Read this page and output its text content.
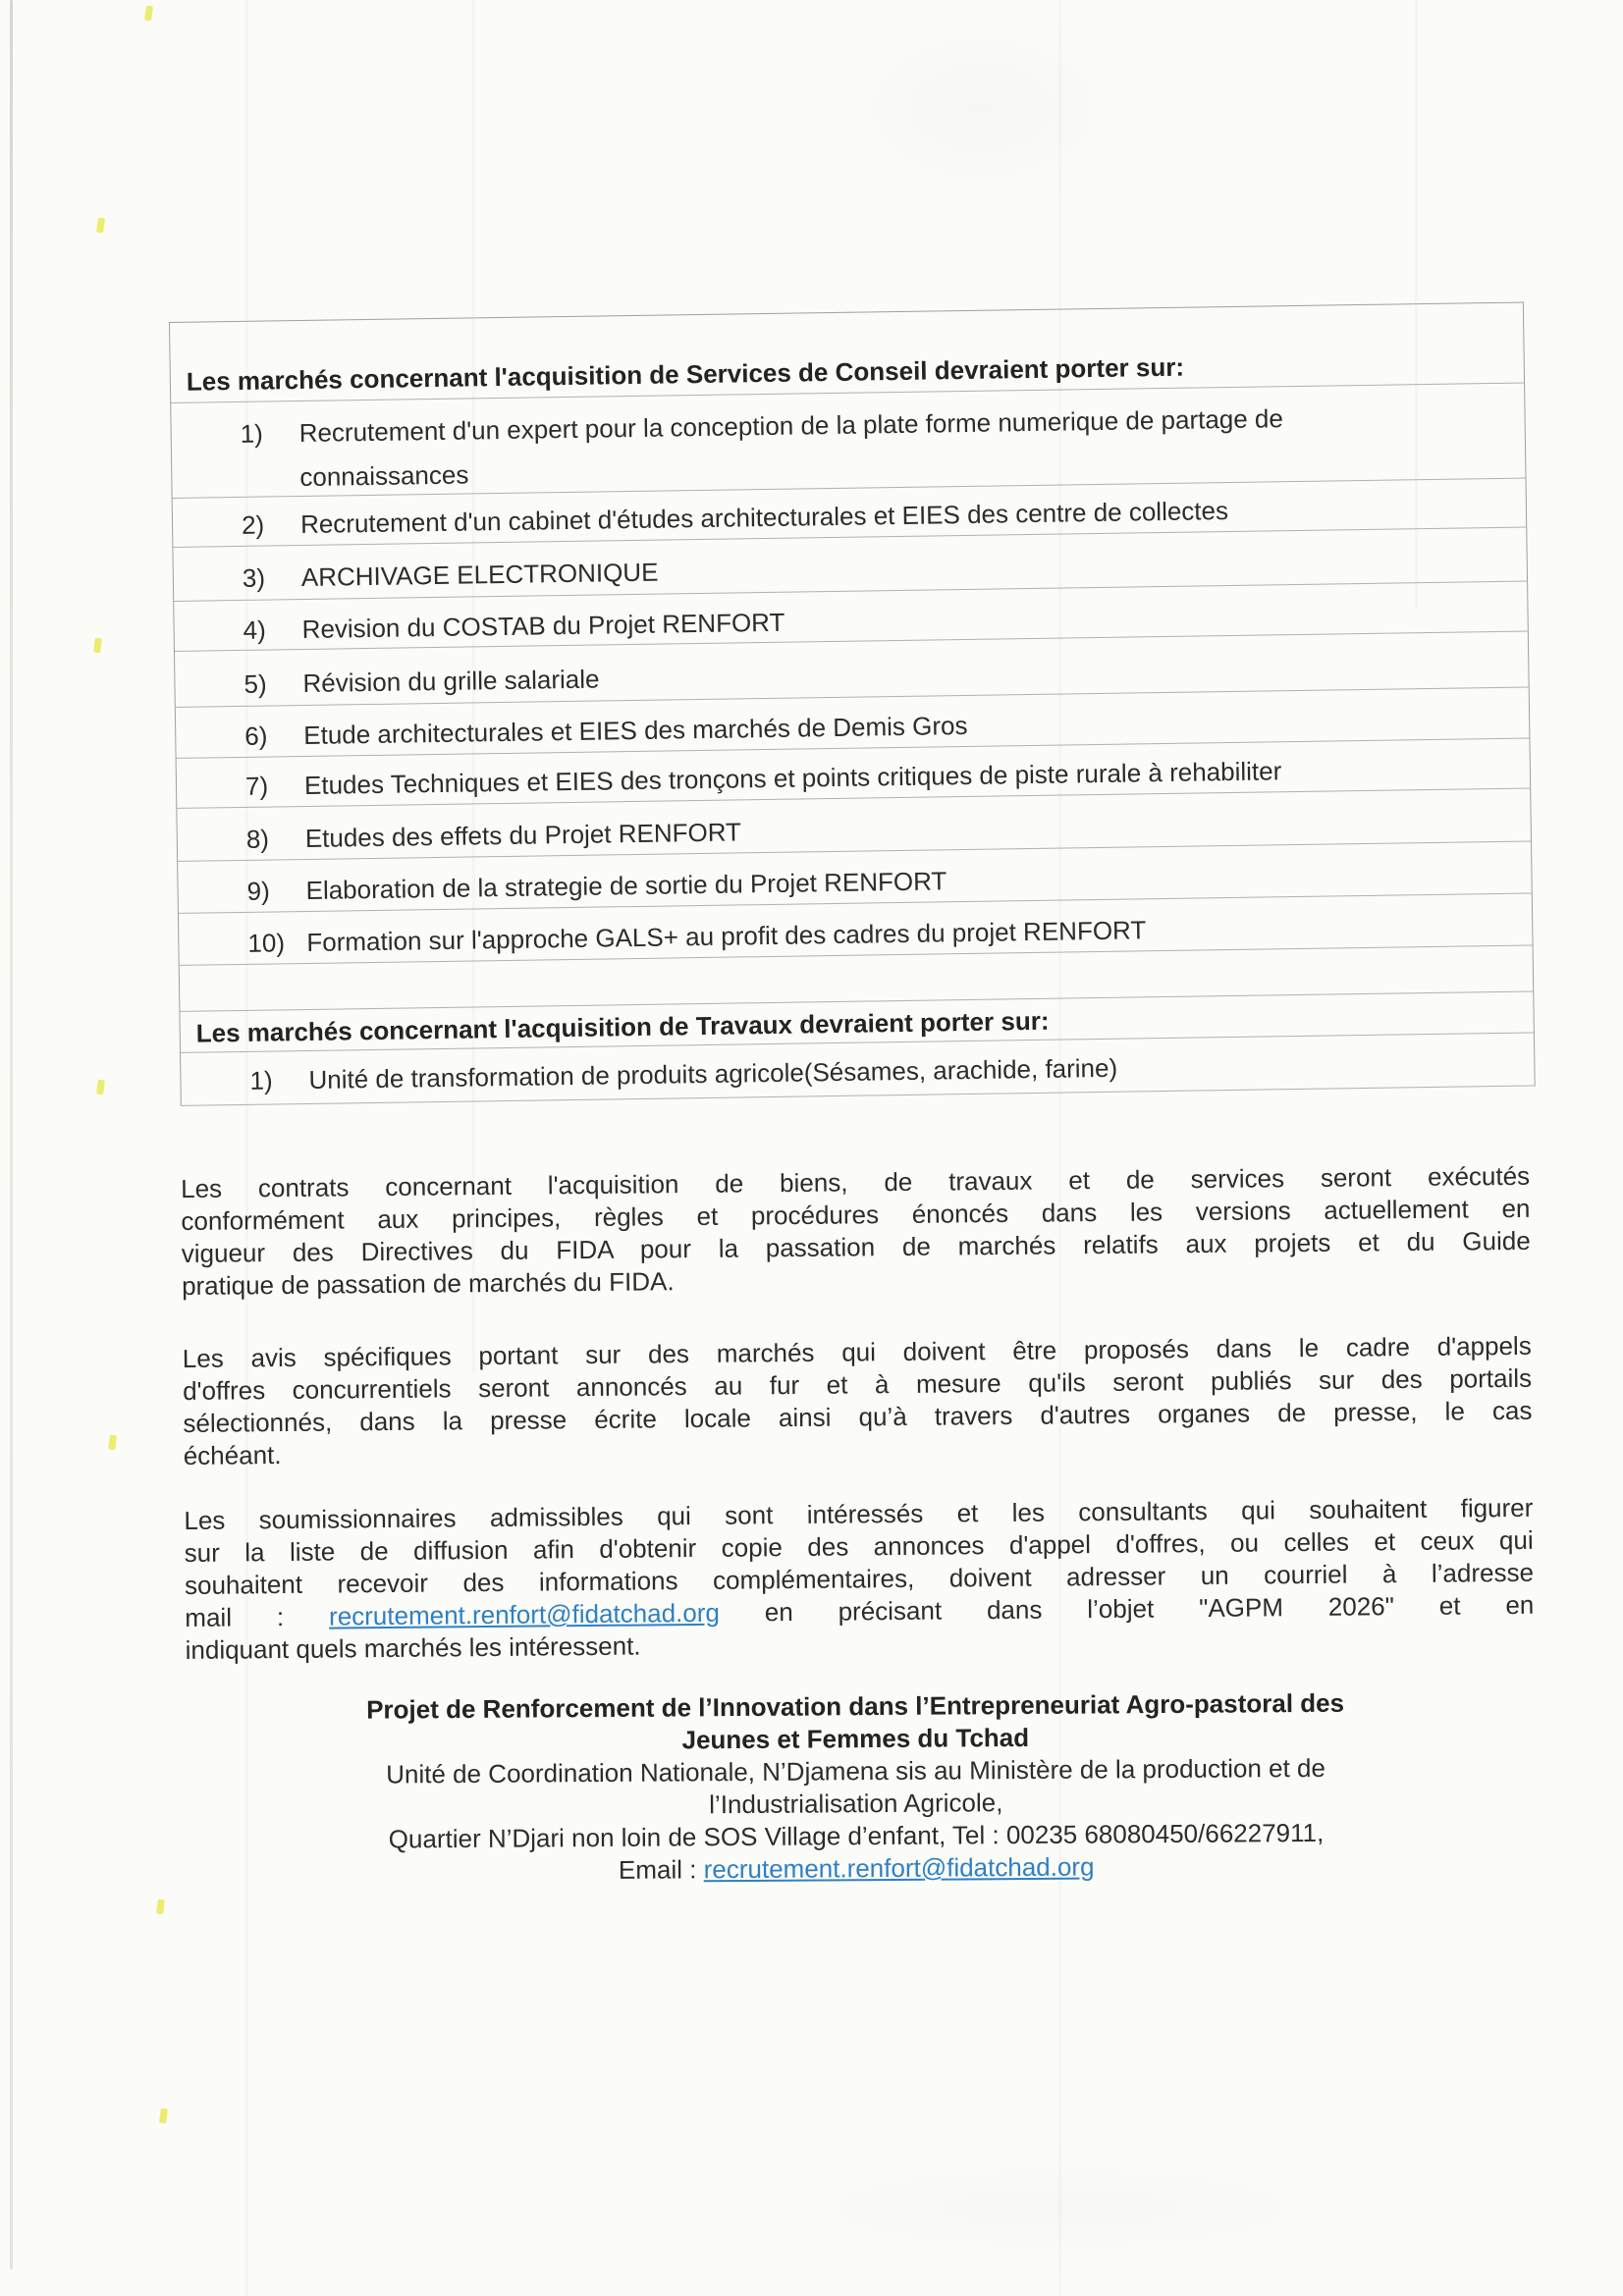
Les marchés concernant l'acquisition de Services de Conseil devraient porter sur:
1)	Recrutement d'un expert pour la conception de la plate forme numerique de partage de
connaissances
2)	Recrutement d'un cabinet d'études architecturales et EIES des centre de collectes
3)	ARCHIVAGE ELECTRONIQUE
4)	Revision du COSTAB du Projet RENFORT
5)	Révision du grille salariale
6)	Etude architecturales et EIES des marchés de Demis Gros
7)	Etudes Techniques et EIES des tronçons et points critiques de piste rurale à rehabiliter
8)	Etudes des effets du Projet RENFORT
9)	Elaboration de la strategie de sortie du Projet RENFORT
10) Formation sur l'approche GALS+ au profit des cadres du projet RENFORT
Les marchés concernant l'acquisition de Travaux devraient porter sur:
1)	Unité de transformation de produits agricole(Sésames, arachide, farine)
Les contrats concernant l'acquisition de biens, de travaux et de services seront exécutés
conformément aux principes, règles et procédures énoncés dans les versions actuellement en
vigueur des Directives du FIDA pour la passation de marchés relatifs aux projets et du Guide
pratique de passation de marchés du FIDA.
Les avis spécifiques portant sur des marchés qui doivent être proposés dans le cadre d'appels
d'offres concurrentiels seront annoncés au fur et à mesure qu'ils seront publiés sur des portails
sélectionnés, dans la presse écrite locale ainsi qu’à travers d'autres organes de presse, le cas
échéant.
Les soumissionnaires admissibles qui sont intéressés et les consultants qui souhaitent figurer
sur la liste de diffusion afin d'obtenir copie des annonces d'appel d'offres, ou celles et ceux qui
souhaitent recevoir des informations complémentaires, doivent adresser un courriel à l’adresse
mail : recrutement.renfort@fidatchad.org en précisant dans l’objet "AGPM 2026" et en
indiquant quels marchés les intéressent.
Projet de Renforcement de l’Innovation dans l’Entrepreneuriat Agro-pastoral des
Jeunes et Femmes du Tchad
Unité de Coordination Nationale, N’Djamena sis au Ministère de la production et de
l’Industrialisation Agricole,
Quartier N’Djari non loin de SOS Village d’enfant, Tel : 00235 68080450/66227911,
Email : recrutement.renfort@fidatchad.org
